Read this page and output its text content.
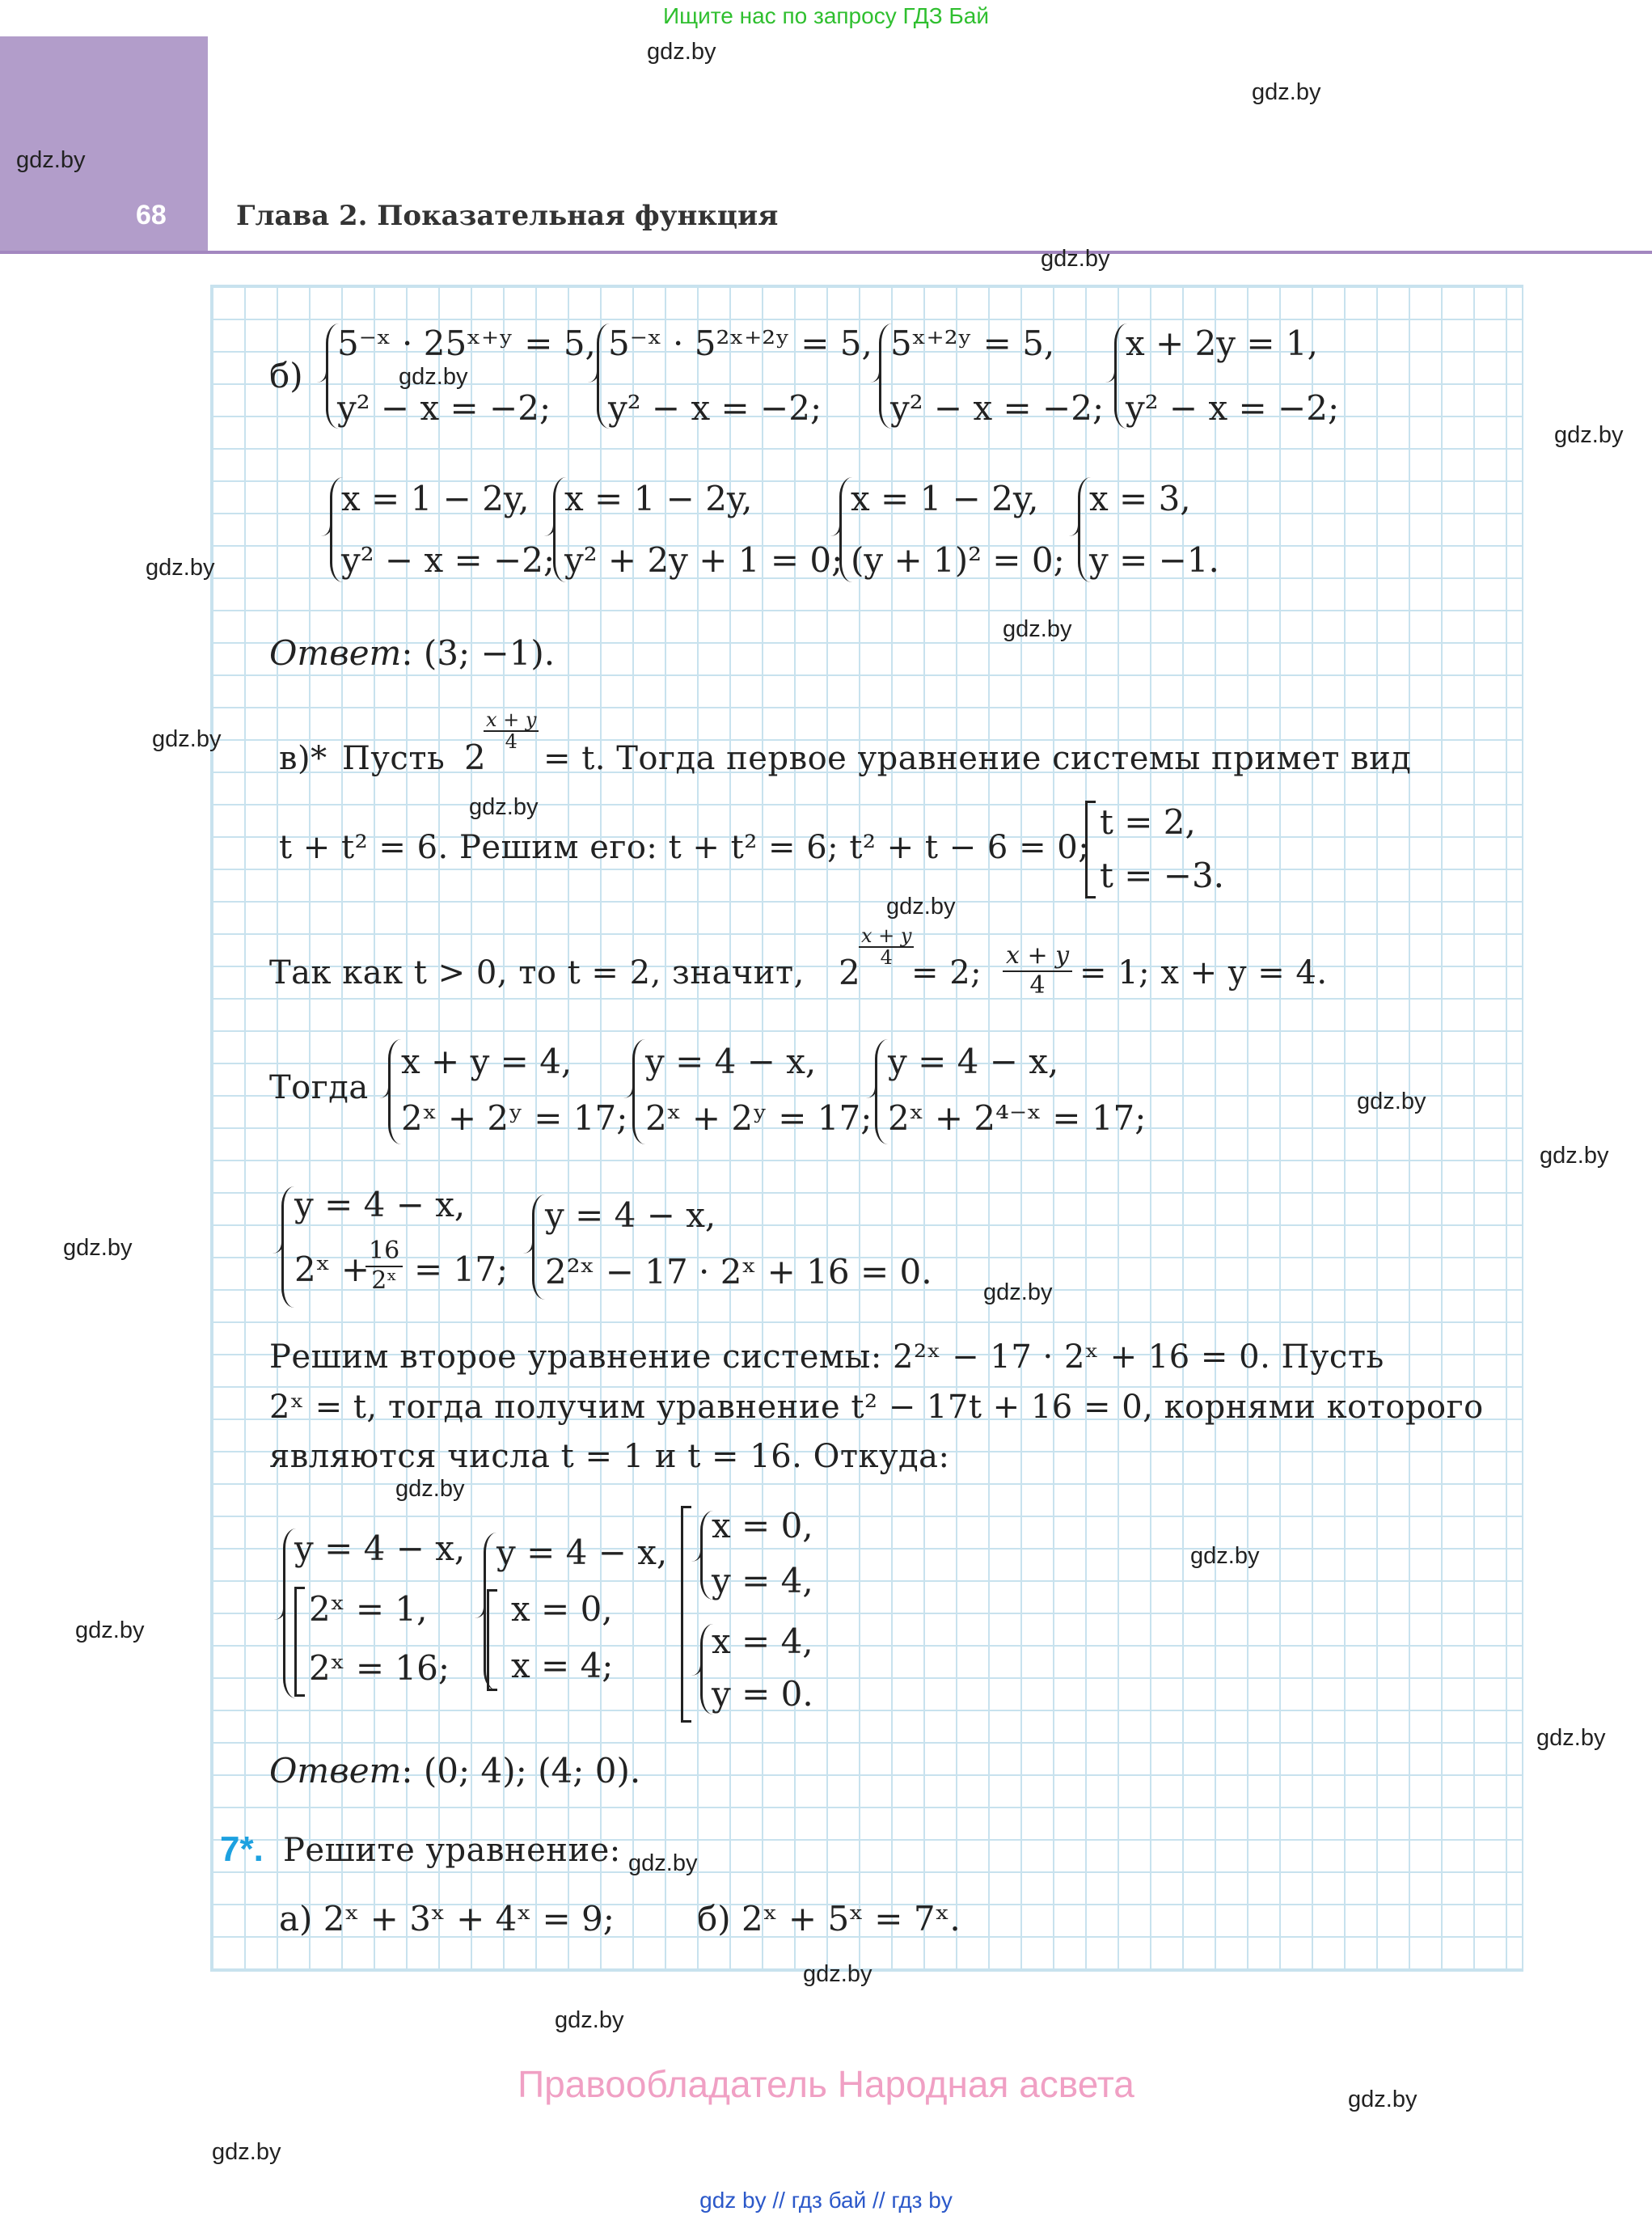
Ищите нас по запросу ГДЗ Бай
68	Глава 2. Показательная функция
б)
5⁻ˣ · 25ˣ⁺ʸ = 5,
y² − x = −2;
5⁻ˣ · 5²ˣ⁺²ʸ = 5,
y² − x = −2;
5ˣ⁺²ʸ = 5,
y² − x = −2;
x + 2y = 1,
y² − x = −2;
x = 1 − 2y,
y² − x = −2;
x = 1 − 2y,
y² + 2y + 1 = 0;
x = 1 − 2y,
(y + 1)² = 0;
x = 3,
y = −1.
Ответ: (3; −1).
в)* Пусть 2
$\frac{x + y}{4}$
= t. Тогда первое уравнение системы примет вид
t + t² = 6. Решим его: t + t² = 6; t² + t − 6 = 0;
t = 2,
t = −3.
Так как t > 0, то t = 2, значит, 2
$\frac{x + y}{4}$
= 2; $\frac{x + y}{4} = 1$; x + y = 4.
Тогда
x + y = 4,
2ˣ + 2ʸ = 17;
y = 4 − x,
2ˣ + 2ʸ = 17;
y = 4 − x,
2ˣ + 2⁴⁻ˣ = 17;
y = 4 − x,
2ˣ +
$\frac{16}{\text{2ˣ}} = 17$;
y = 4 − x,
2²ˣ − 17 · 2ˣ + 16 = 0.
Решим второе уравнение системы: 2²ˣ − 17 · 2ˣ + 16 = 0. Пусть
2ˣ = t, тогда получим уравнение t² − 17t + 16 = 0, корнями которого
являются числа t = 1 и t = 16. Откуда:
y = 4 − x,
2ˣ = 1,
2ˣ = 16;
y = 4 − x,
x = 0,
x = 4;
x = 0,
y = 4,
x = 4,
y = 0.
Ответ: (0; 4); (4; 0).
7*. Решите уравнение:
а) 2ˣ + 3ˣ + 4ˣ = 9; б) 2ˣ + 5ˣ = 7ˣ.
gdz.by
gdz.by
gdz.by
gdz.by
gdz.by
gdz.by
gdz.by
gdz.by
gdz.by
gdz.by
gdz.by
gdz.by
gdz.by
gdz.by
gdz.by
gdz.by
gdz.by
gdz.by
gdz.by
gdz.by
gdz.by
gdz.by
gdz.by
gdz.by
Правообладатель Народная асвета
gdz by // гдз бай // гдз by
